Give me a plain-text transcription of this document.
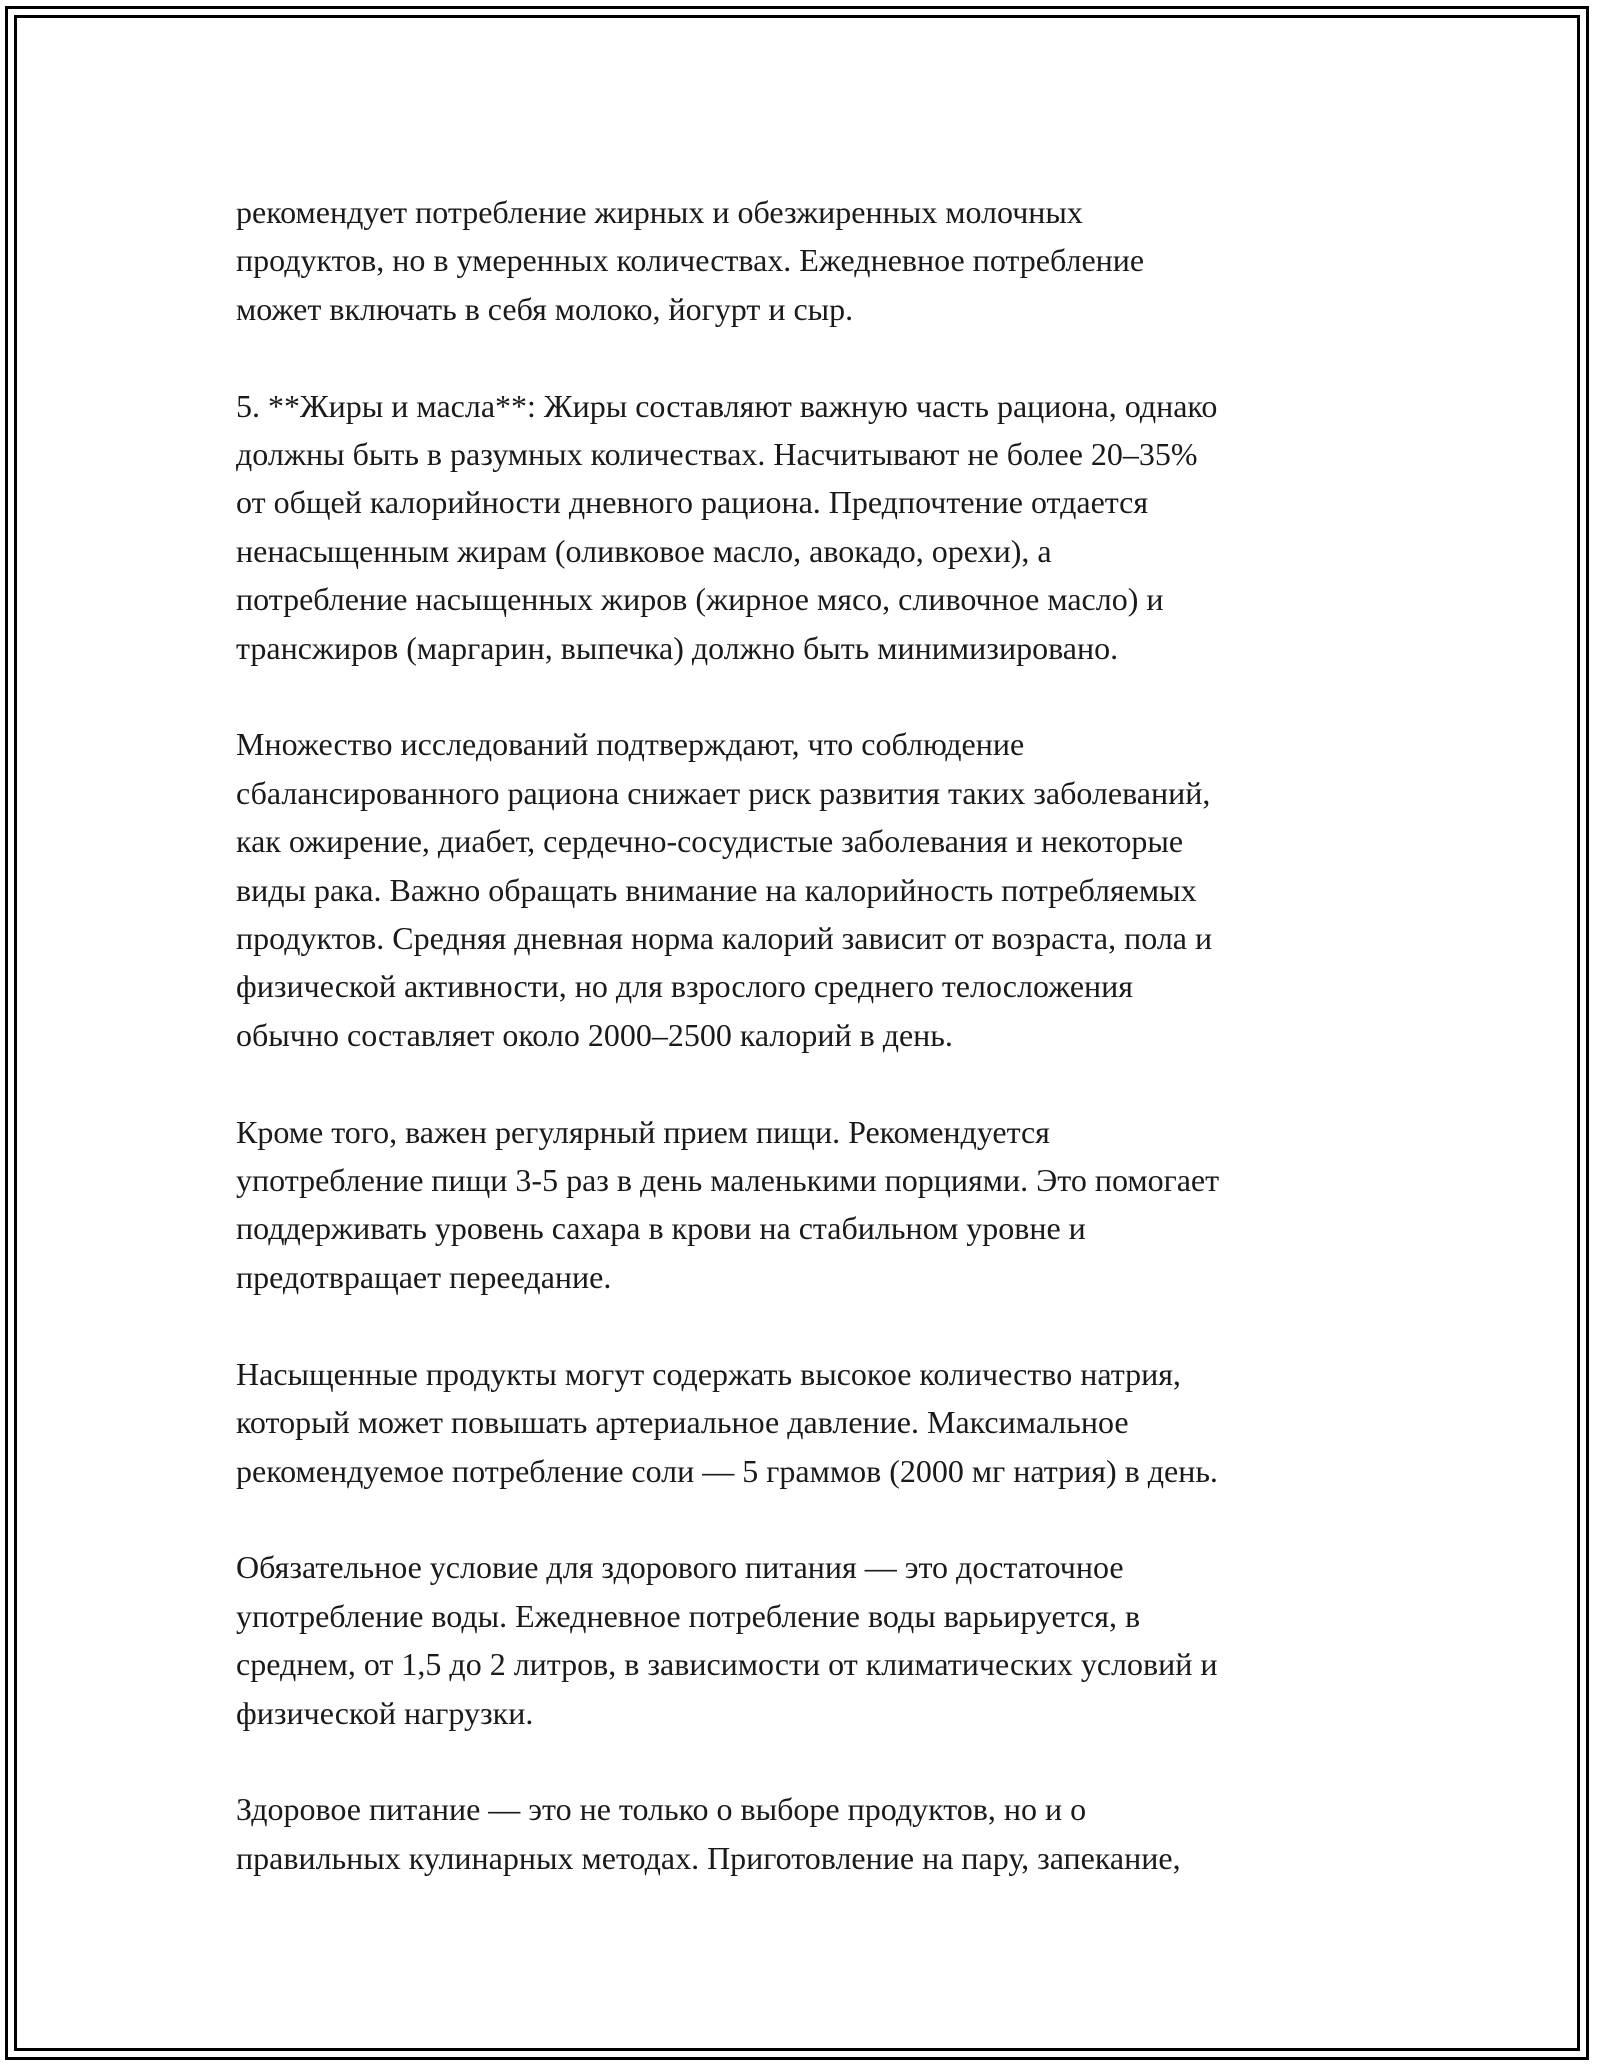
рекомендует потребление жирных и обезжиренных молочных
продуктов, но в умеренных количествах. Ежедневное потребление
может включать в себя молоко, йогурт и сыр.

5. **Жиры и масла**: Жиры составляют важную часть рациона, однако
должны быть в разумных количествах. Насчитывают не более 20–35%
от общей калорийности дневного рациона. Предпочтение отдается
ненасыщенным жирам (оливковое масло, авокадо, орехи), а
потребление насыщенных жиров (жирное мясо, сливочное масло) и
трансжиров (маргарин, выпечка) должно быть минимизировано.

Множество исследований подтверждают, что соблюдение
сбалансированного рациона снижает риск развития таких заболеваний,
как ожирение, диабет, сердечно-сосудистые заболевания и некоторые
виды рака. Важно обращать внимание на калорийность потребляемых
продуктов. Средняя дневная норма калорий зависит от возраста, пола и
физической активности, но для взрослого среднего телосложения
обычно составляет около 2000–2500 калорий в день.

Кроме того, важен регулярный прием пищи. Рекомендуется
употребление пищи 3-5 раз в день маленькими порциями. Это помогает
поддерживать уровень сахара в крови на стабильном уровне и
предотвращает переедание.

Насыщенные продукты могут содержать высокое количество натрия,
который может повышать артериальное давление. Максимальное
рекомендуемое потребление соли — 5 граммов (2000 мг натрия) в день.

Обязательное условие для здорового питания — это достаточное
употребление воды. Ежедневное потребление воды варьируется, в
среднем, от 1,5 до 2 литров, в зависимости от климатических условий и
физической нагрузки.

Здоровое питание — это не только о выборе продуктов, но и о
правильных кулинарных методах. Приготовление на пару, запекание,
